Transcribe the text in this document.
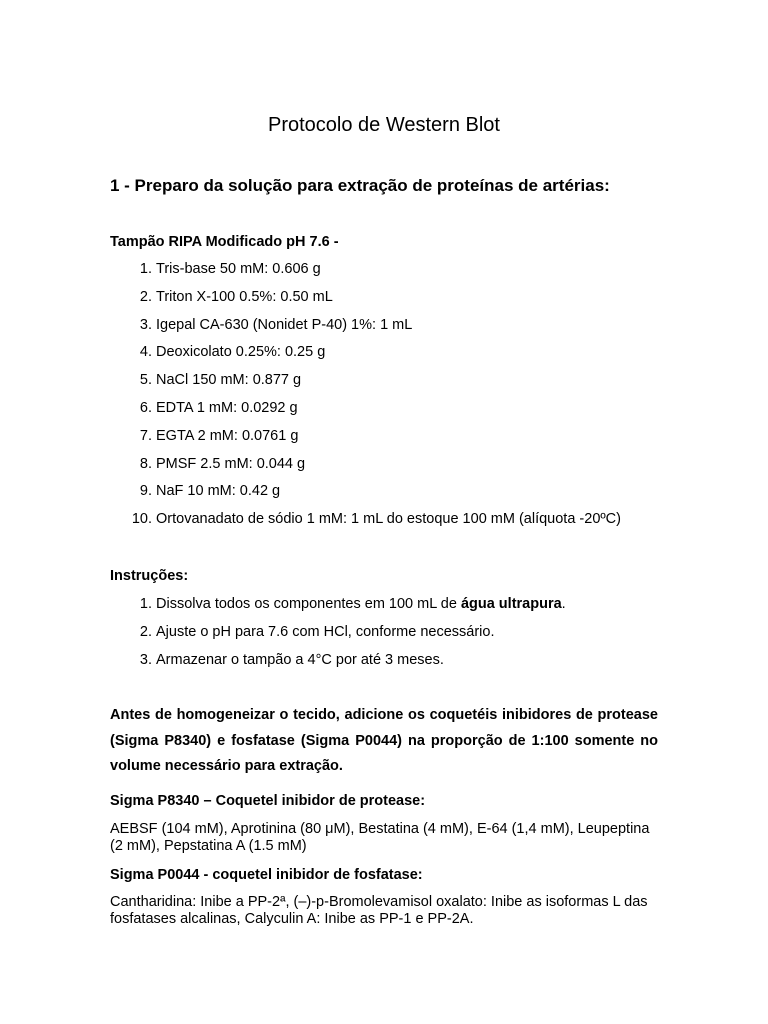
Protocolo de Western Blot
1 - Preparo da solução para extração de proteínas de artérias:
Tampão RIPA Modificado pH 7.6 -
1. Tris-base 50 mM: 0.606 g
2. Triton X-100 0.5%: 0.50 mL
3. Igepal CA-630 (Nonidet P-40) 1%: 1 mL
4. Deoxicolato 0.25%: 0.25 g
5. NaCl 150 mM: 0.877 g
6. EDTA 1 mM: 0.0292 g
7. EGTA 2 mM: 0.0761 g
8. PMSF 2.5 mM: 0.044 g
9. NaF 10 mM: 0.42 g
10. Ortovanadato de sódio 1 mM: 1 mL do estoque 100 mM (alíquota -20ºC)
Instruções:
1. Dissolva todos os componentes em 100 mL de água ultrapura.
2. Ajuste o pH para 7.6 com HCl, conforme necessário.
3. Armazenar o tampão a 4°C por até 3 meses.

Antes de homogeneizar o tecido, adicione os coquetéis inibidores de protease (Sigma P8340) e fosfatase (Sigma P0044) na proporção de 1:100 somente no volume necessário para extração.

Sigma P8340 – Coquetel inibidor de protease:

AEBSF (104 mM), Aprotinina (80 μM), Bestatina (4 mM), E-64 (1,4 mM), Leupeptina (2 mM), Pepstatina A (1.5 mM)

Sigma P0044 - coquetel inibidor de fosfatase:

Cantharidina: Inibe a PP-2ª, (–)-p-Bromolevamisol oxalato: Inibe as isoformas L das fosfatases alcalinas, Calyculin A: Inibe as PP-1 e PP-2A.
